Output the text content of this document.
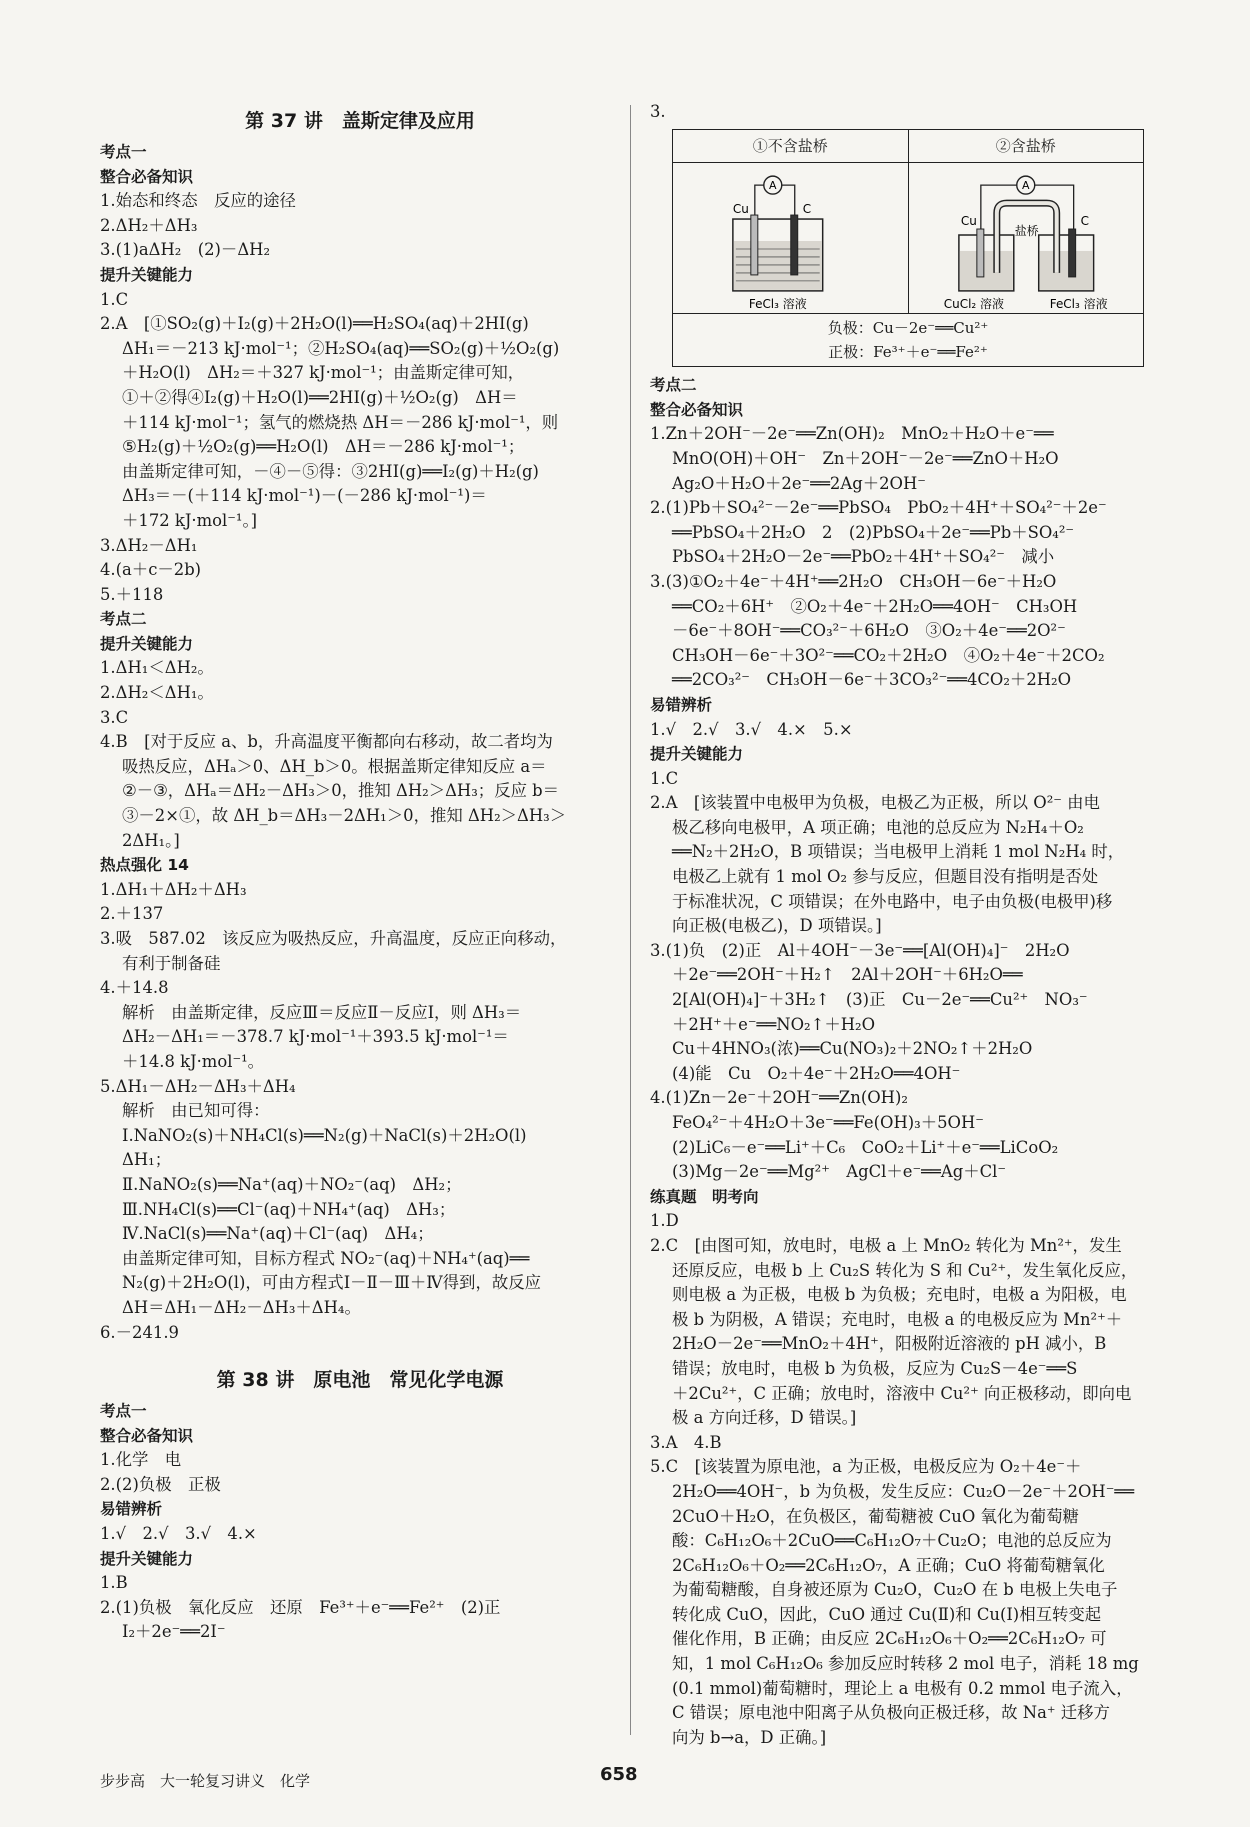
第 37 讲　盖斯定律及应用
考点一
整合必备知识
1.始态和终态　反应的途径
2.ΔH₂＋ΔH₃
3.(1)aΔH₂　(2)－ΔH₂
提升关键能力
1.C
2.A　[①SO₂(g)＋I₂(g)＋2H₂O(l)══H₂SO₄(aq)＋2HI(g)
ΔH₁＝－213 kJ·mol⁻¹；②H₂SO₄(aq)══SO₂(g)＋½O₂(g)
＋H₂O(l)　ΔH₂＝＋327 kJ·mol⁻¹；由盖斯定律可知，
①＋②得④I₂(g)＋H₂O(l)══2HI(g)＋½O₂(g)　ΔH＝
＋114 kJ·mol⁻¹；氢气的燃烧热 ΔH＝－286 kJ·mol⁻¹，则
⑤H₂(g)＋½O₂(g)══H₂O(l)　ΔH＝－286 kJ·mol⁻¹；
由盖斯定律可知，－④－⑤得：③2HI(g)══I₂(g)＋H₂(g)
ΔH₃＝－(＋114 kJ·mol⁻¹)－(－286 kJ·mol⁻¹)＝
＋172 kJ·mol⁻¹。]
3.ΔH₂－ΔH₁
4.(a＋c－2b)
5.＋118
考点二
提升关键能力
1.ΔH₁＜ΔH₂。
2.ΔH₂＜ΔH₁。
3.C
4.B　[对于反应 a、b，升高温度平衡都向右移动，故二者均为
吸热反应，ΔHₐ＞0、ΔH_b＞0。根据盖斯定律知反应 a＝
②－③，ΔHₐ＝ΔH₂－ΔH₃＞0，推知 ΔH₂＞ΔH₃；反应 b＝
③－2×①，故 ΔH_b＝ΔH₃－2ΔH₁＞0，推知 ΔH₂＞ΔH₃＞
2ΔH₁。]
热点强化 14
1.ΔH₁＋ΔH₂＋ΔH₃
2.＋137
3.吸　587.02　该反应为吸热反应，升高温度，反应正向移动，
有利于制备硅
4.＋14.8
解析　由盖斯定律，反应Ⅲ＝反应Ⅱ－反应Ⅰ，则 ΔH₃＝
ΔH₂－ΔH₁＝－378.7 kJ·mol⁻¹＋393.5 kJ·mol⁻¹＝
＋14.8 kJ·mol⁻¹。
5.ΔH₁－ΔH₂－ΔH₃＋ΔH₄
解析　由已知可得：
Ⅰ.NaNO₂(s)＋NH₄Cl(s)══N₂(g)＋NaCl(s)＋2H₂O(l)
ΔH₁；
Ⅱ.NaNO₂(s)══Na⁺(aq)＋NO₂⁻(aq)　ΔH₂；
Ⅲ.NH₄Cl(s)══Cl⁻(aq)＋NH₄⁺(aq)　ΔH₃；
Ⅳ.NaCl(s)══Na⁺(aq)＋Cl⁻(aq)　ΔH₄；
由盖斯定律可知，目标方程式 NO₂⁻(aq)＋NH₄⁺(aq)══
N₂(g)＋2H₂O(l)，可由方程式Ⅰ－Ⅱ－Ⅲ＋Ⅳ得到，故反应
ΔH＝ΔH₁－ΔH₂－ΔH₃＋ΔH₄。
6.－241.9
第 38 讲　原电池　常见化学电源
考点一
整合必备知识
1.化学　电
2.(2)负极　正极
易错辨析
1.√　2.√　3.√　4.×
提升关键能力
1.B
2.(1)负极　氧化反应　还原　Fe³⁺＋e⁻══Fe²⁺　(2)正
I₂＋2e⁻══2I⁻
3.
①不含盐桥	②含盐桥
A
Cu	C
FeCl₃ 溶液
A
Cu	C
盐桥
CuCl₂ 溶液	FeCl₃ 溶液
负极：Cu－2e⁻══Cu²⁺
正极：Fe³⁺＋e⁻══Fe²⁺
考点二
整合必备知识
1.Zn＋2OH⁻－2e⁻══Zn(OH)₂　MnO₂＋H₂O＋e⁻══
MnO(OH)＋OH⁻　Zn＋2OH⁻－2e⁻══ZnO＋H₂O
Ag₂O＋H₂O＋2e⁻══2Ag＋2OH⁻
2.(1)Pb＋SO₄²⁻－2e⁻══PbSO₄　PbO₂＋4H⁺＋SO₄²⁻＋2e⁻
══PbSO₄＋2H₂O　2　(2)PbSO₄＋2e⁻══Pb＋SO₄²⁻
PbSO₄＋2H₂O－2e⁻══PbO₂＋4H⁺＋SO₄²⁻　减小
3.(3)①O₂＋4e⁻＋4H⁺══2H₂O　CH₃OH－6e⁻＋H₂O
══CO₂＋6H⁺　②O₂＋4e⁻＋2H₂O══4OH⁻　CH₃OH
－6e⁻＋8OH⁻══CO₃²⁻＋6H₂O　③O₂＋4e⁻══2O²⁻
CH₃OH－6e⁻＋3O²⁻══CO₂＋2H₂O　④O₂＋4e⁻＋2CO₂
══2CO₃²⁻　CH₃OH－6e⁻＋3CO₃²⁻══4CO₂＋2H₂O
易错辨析
1.√　2.√　3.√　4.×　5.×
提升关键能力
1.C
2.A　[该装置中电极甲为负极，电极乙为正极，所以 O²⁻ 由电
极乙移向电极甲，A 项正确；电池的总反应为 N₂H₄＋O₂
══N₂＋2H₂O，B 项错误；当电极甲上消耗 1 mol N₂H₄ 时，
电极乙上就有 1 mol O₂ 参与反应，但题目没有指明是否处
于标准状况，C 项错误；在外电路中，电子由负极(电极甲)移
向正极(电极乙)，D 项错误。]
3.(1)负　(2)正　Al＋4OH⁻－3e⁻══[Al(OH)₄]⁻　2H₂O
＋2e⁻══2OH⁻＋H₂↑　2Al＋2OH⁻＋6H₂O══
2[Al(OH)₄]⁻＋3H₂↑　(3)正　Cu－2e⁻══Cu²⁺　NO₃⁻
＋2H⁺＋e⁻══NO₂↑＋H₂O
Cu＋4HNO₃(浓)══Cu(NO₃)₂＋2NO₂↑＋2H₂O
(4)能　Cu　O₂＋4e⁻＋2H₂O══4OH⁻
4.(1)Zn－2e⁻＋2OH⁻══Zn(OH)₂
FeO₄²⁻＋4H₂O＋3e⁻══Fe(OH)₃＋5OH⁻
(2)LiC₆－e⁻══Li⁺＋C₆　CoO₂＋Li⁺＋e⁻══LiCoO₂
(3)Mg－2e⁻══Mg²⁺　AgCl＋e⁻══Ag＋Cl⁻
练真题　明考向
1.D
2.C　[由图可知，放电时，电极 a 上 MnO₂ 转化为 Mn²⁺，发生
还原反应，电极 b 上 Cu₂S 转化为 S 和 Cu²⁺，发生氧化反应，
则电极 a 为正极，电极 b 为负极；充电时，电极 a 为阳极，电
极 b 为阴极，A 错误；充电时，电极 a 的电极反应为 Mn²⁺＋
2H₂O－2e⁻══MnO₂＋4H⁺，阳极附近溶液的 pH 减小，B
错误；放电时，电极 b 为负极，反应为 Cu₂S－4e⁻══S
＋2Cu²⁺，C 正确；放电时，溶液中 Cu²⁺ 向正极移动，即向电
极 a 方向迁移，D 错误。]
3.A　4.B
5.C　[该装置为原电池，a 为正极，电极反应为 O₂＋4e⁻＋
2H₂O══4OH⁻，b 为负极，发生反应：Cu₂O－2e⁻＋2OH⁻══
2CuO＋H₂O，在负极区，葡萄糖被 CuO 氧化为葡萄糖
酸：C₆H₁₂O₆＋2CuO══C₆H₁₂O₇＋Cu₂O；电池的总反应为
2C₆H₁₂O₆＋O₂══2C₆H₁₂O₇，A 正确；CuO 将葡萄糖氧化
为葡萄糖酸，自身被还原为 Cu₂O，Cu₂O 在 b 电极上失电子
转化成 CuO，因此，CuO 通过 Cu(Ⅱ)和 Cu(Ⅰ)相互转变起
催化作用，B 正确；由反应 2C₆H₁₂O₆＋O₂══2C₆H₁₂O₇ 可
知，1 mol C₆H₁₂O₆ 参加反应时转移 2 mol 电子，消耗 18 mg
(0.1 mmol)葡萄糖时，理论上 a 电极有 0.2 mmol 电子流入，
C 错误；原电池中阳离子从负极向正极迁移，故 Na⁺ 迁移方
向为 b→a，D 正确。]
步步高　大一轮复习讲义　化学	658
